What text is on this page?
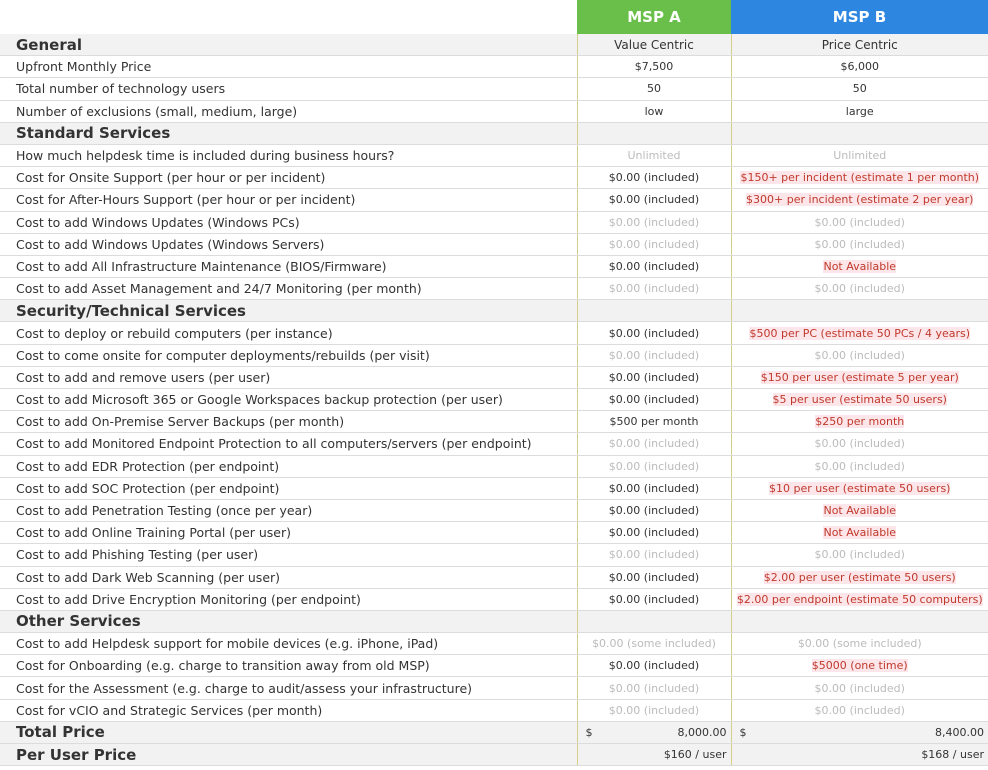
	MSP A	MSP B
General	Value Centric	Price Centric
Upfront Monthly Price	$7,500	$6,000
Total number of technology users	50	50
Number of exclusions (small, medium, large)	low	large
Standard Services		
How much helpdesk time is included during business hours?	Unlimited	Unlimited
Cost for Onsite Support (per hour or per incident)	$0.00 (included)	$150+ per incident (estimate 1 per month)
Cost for After-Hours Support (per hour or per incident)	$0.00 (included)	$300+ per incident (estimate 2 per year)
Cost to add Windows Updates (Windows PCs)	$0.00 (included)	$0.00 (included)
Cost to add Windows Updates (Windows Servers)	$0.00 (included)	$0.00 (included)
Cost to add All Infrastructure Maintenance (BIOS/Firmware)	$0.00 (included)	Not Available
Cost to add Asset Management and 24/7 Monitoring (per month)	$0.00 (included)	$0.00 (included)
Security/Technical Services		
Cost to deploy or rebuild computers (per instance)	$0.00 (included)	$500 per PC (estimate 50 PCs / 4 years)
Cost to come onsite for computer deployments/rebuilds (per visit)	$0.00 (included)	$0.00 (included)
Cost to add and remove users (per user)	$0.00 (included)	$150 per user (estimate 5 per year)
Cost to add Microsoft 365 or Google Workspaces backup protection (per user)	$0.00 (included)	$5 per user (estimate 50 users)
Cost to add On-Premise Server Backups (per month)	$500 per month	$250 per month
Cost to add Monitored Endpoint Protection to all computers/servers (per endpoint)	$0.00 (included)	$0.00 (included)
Cost to add EDR Protection (per endpoint)	$0.00 (included)	$0.00 (included)
Cost to add SOC Protection (per endpoint)	$0.00 (included)	$10 per user (estimate 50 users)
Cost to add Penetration Testing (once per year)	$0.00 (included)	Not Available
Cost to add Online Training Portal (per user)	$0.00 (included)	Not Available
Cost to add Phishing Testing (per user)	$0.00 (included)	$0.00 (included)
Cost to add Dark Web Scanning (per user)	$0.00 (included)	$2.00 per user (estimate 50 users)
Cost to add Drive Encryption Monitoring (per endpoint)	$0.00 (included)	$2.00 per endpoint (estimate 50 computers)
Other Services		
Cost to add Helpdesk support for mobile devices (e.g. iPhone, iPad)	$0.00 (some included)	$0.00 (some included)
Cost for Onboarding (e.g. charge to transition away from old MSP)	$0.00 (included)	$5000 (one time)
Cost for the Assessment (e.g. charge to audit/assess your infrastructure)	$0.00 (included)	$0.00 (included)
Cost for vCIO and Strategic Services (per month)	$0.00 (included)	$0.00 (included)
Total Price	$ 8,000.00	$ 8,400.00

Per User Price	$160 / user	$168 / user
